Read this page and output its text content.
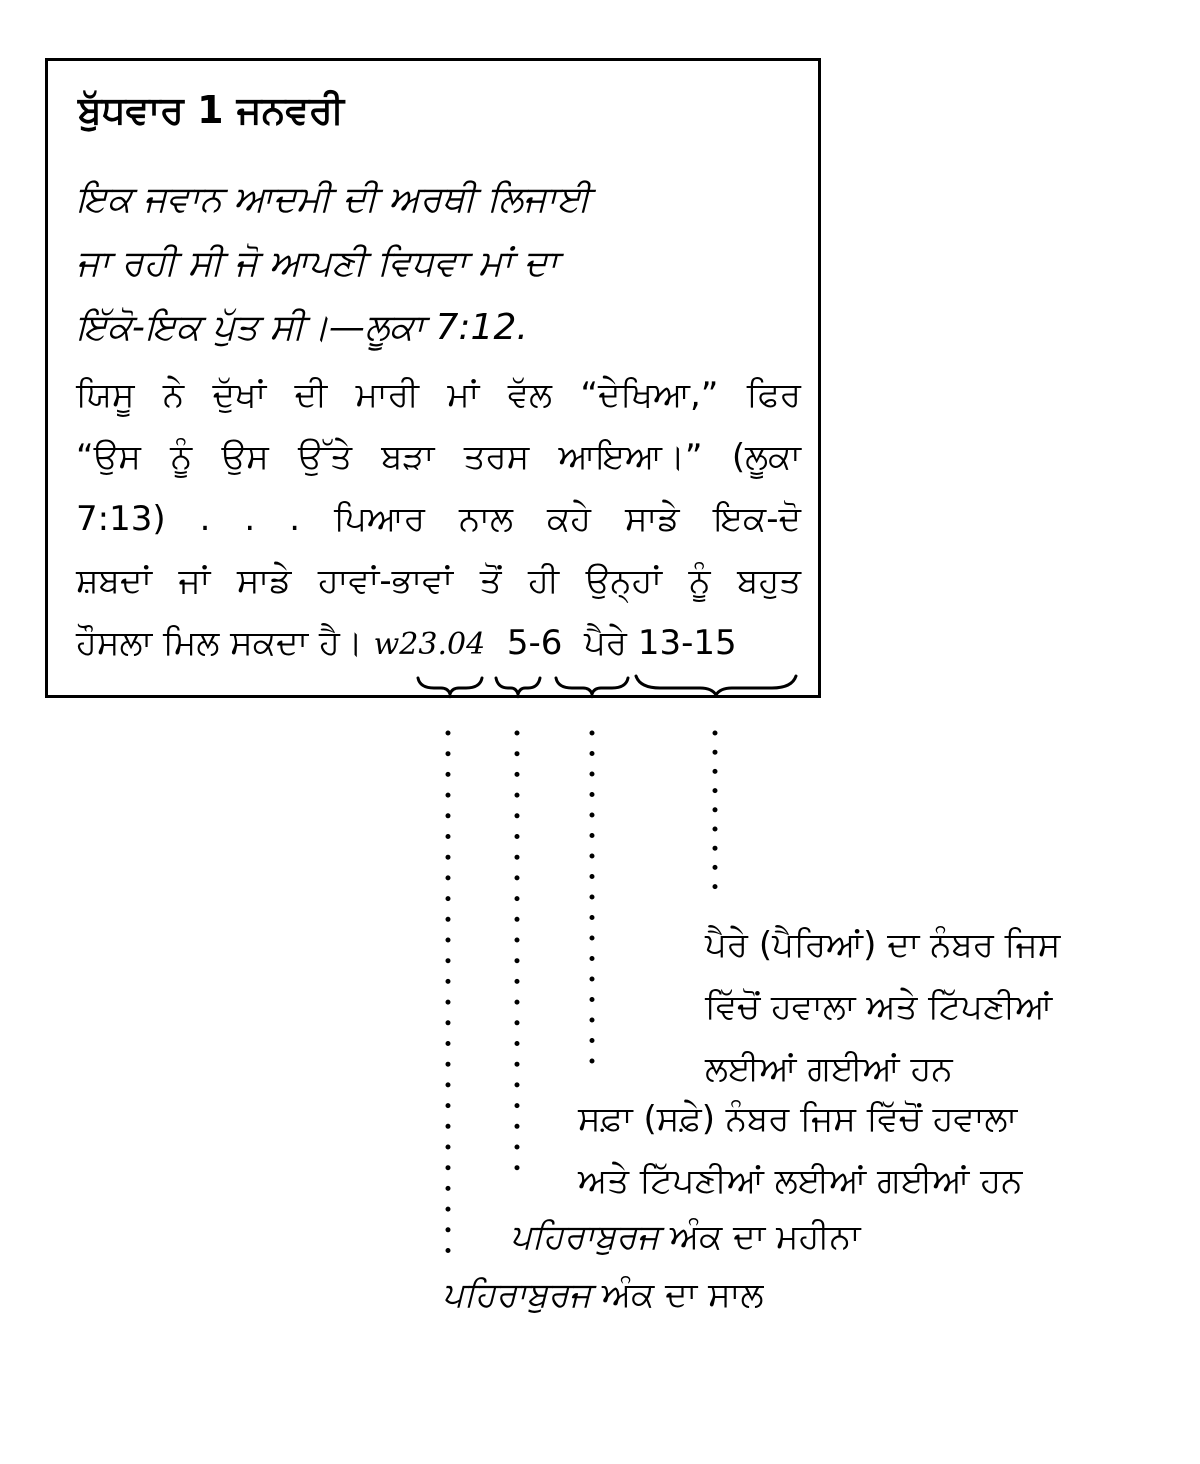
ਬੁੱਧਵਾਰ 1 ਜਨਵਰੀ

ਇਕ ਜਵਾਨ ਆਦਮੀ ਦੀ ਅਰਥੀ ਲਿਜਾਈ
ਜਾ ਰਹੀ ਸੀ ਜੋ ਆਪਣੀ ਵਿਧਵਾ ਮਾਂ ਦਾ
ਇੱਕੋ-ਇਕ ਪੁੱਤ ਸੀ।—ਲੂਕਾ 7:12.

ਯਿਸੂ ਨੇ ਦੁੱਖਾਂ ਦੀ ਮਾਰੀ ਮਾਂ ਵੱਲ “ਦੇਖਿਆ,” ਫਿਰ
“ਉਸ ਨੂੰ ਉਸ ਉੱਤੇ ਬੜਾ ਤਰਸ ਆਇਆ।” (ਲੂਕਾ
7:13) . . . ਪਿਆਰ ਨਾਲ ਕਹੇ ਸਾਡੇ ਇਕ-ਦੋ
ਸ਼ਬਦਾਂ ਜਾਂ ਸਾਡੇ ਹਾਵਾਂ-ਭਾਵਾਂ ਤੋਂ ਹੀ ਉਨ੍ਹਾਂ ਨੂੰ ਬਹੁਤ
ਹੌਸਲਾ ਮਿਲ ਸਕਦਾ ਹੈ। w23.04 5-6 ਪੈਰੇ 13-15

ਪੈਰੇ (ਪੈਰਿਆਂ) ਦਾ ਨੰਬਰ ਜਿਸ
ਵਿੱਚੋਂ ਹਵਾਲਾ ਅਤੇ ਟਿੱਪਣੀਆਂ
ਲਈਆਂ ਗਈਆਂ ਹਨ

ਸਫ਼ਾ (ਸਫ਼ੇ) ਨੰਬਰ ਜਿਸ ਵਿੱਚੋਂ ਹਵਾਲਾ
ਅਤੇ ਟਿੱਪਣੀਆਂ ਲਈਆਂ ਗਈਆਂ ਹਨ

ਪਹਿਰਾਬੁਰਜ ਅੰਕ ਦਾ ਮਹੀਨਾ

ਪਹਿਰਾਬੁਰਜ ਅੰਕ ਦਾ ਸਾਲ
